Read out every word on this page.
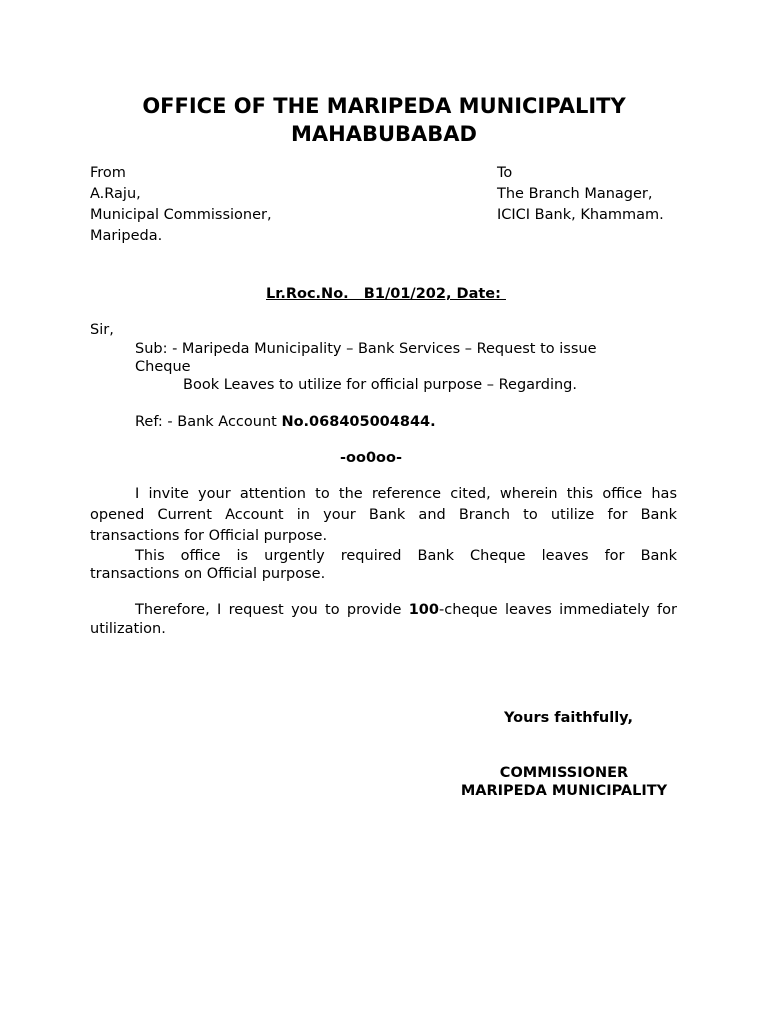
OFFICE OF THE MARIPEDA MUNICIPALITY
MAHABUBABAD
From
A.Raju,
Municipal Commissioner,
Maripeda.
To
The Branch Manager,
ICICI Bank, Khammam.
Lr.Roc.No.   B1/01/202, Date:
Sir,
Sub: - Maripeda Municipality – Bank Services – Request to issue
Cheque
Book Leaves to utilize for official purpose – Regarding.
Ref: - Bank Account No.068405004844.
-oo0oo-
I invite your attention to the reference cited, wherein this office has
opened Current Account in your Bank and Branch to utilize for Bank
transactions for Official purpose.
This office is urgently required Bank Cheque leaves for Bank
transactions on Official purpose.
Therefore, I request you to provide 100-cheque leaves immediately for
utilization.
Yours faithfully,
COMMISSIONER
MARIPEDA MUNICIPALITY
